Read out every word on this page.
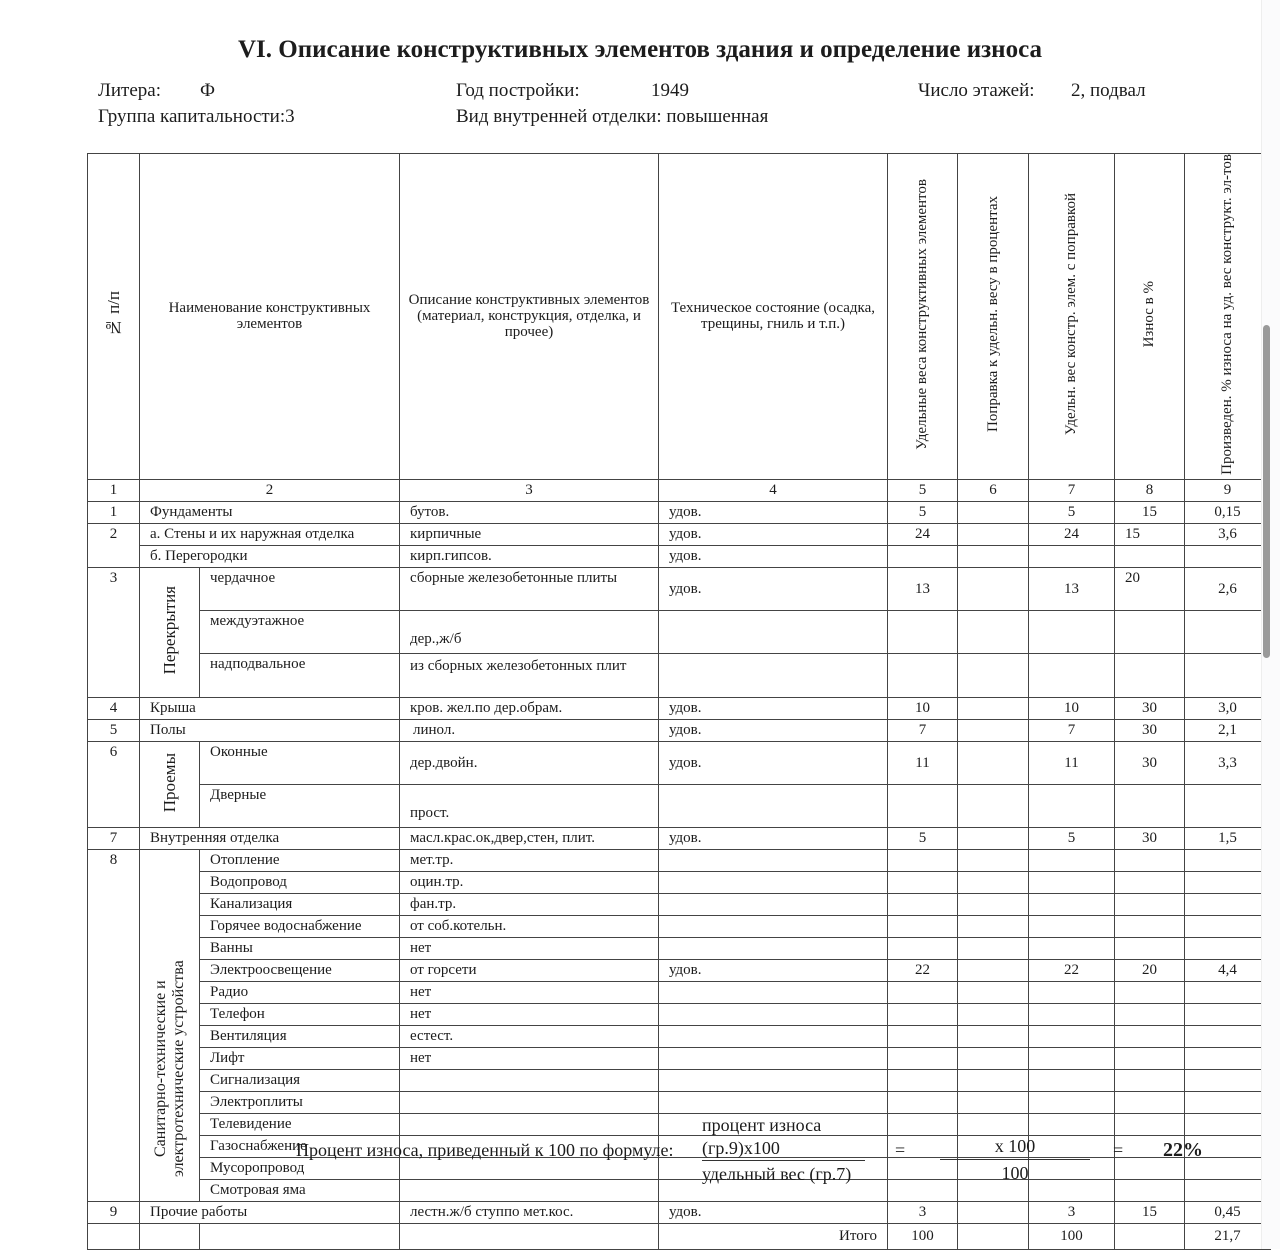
VI. Описание конструктивных элементов здания и определение износа
Литера: Ф	Год постройки:	1949	Число этажей: 2, подвал
Группа капитальности:3	Вид внутренней отделки: повышенная
№ п/п	Наименование конструктивных элементов		Описание конструктивных элементов (материал, конструкция, отделка, и прочее)	Техническое состояние (осадка, трещины, гниль и т.п.)	Удельные веса конструктивных элементов	Поправка к удельн. весу в процентах	Удельн. вес констр. элем. с поправкой	Износ в %	Произведен. % износа на уд. вес конструкт. эл-тов
1	2		3	4	5	6	7	8	9
1	Фундаменты		бутов.	удов.	5		5	15	0,15
2	а. Стены и их наружная отделка		кирпичные	удов.	24		24	15	3,6
	б. Перегородки		кирп.гипсов.	удов.					
3	Перекрытия	чердачное	сборные железобетонные плиты	удов.	13		13	20	2,6
		междуэтажное	дер.,ж/б						
		надподвальное	из сборных железобетонных плит						
4	Крыша		кров. жел.по дер.обрам.	удов.	10		10	30	3,0
5	Полы		линол.	удов.	7		7	30	2,1
6	Проемы	Оконные	дер.двойн.	удов.	11		11	30	3,3
		Дверные	прост.						
7	Внутренняя отделка		масл.крас.ок,двер,стен, плит.	удов.	5		5	30	1,5
8	Санитарно-технические и электротехнические устройства	Отопление	мет.тр.						
		Водопровод	оцин.тр.						
		Канализация	фан.тр.						
		Горячее водоснабжение	от соб.котельн.						
		Ванны	нет						
		Электроосвещение	от горсети	удов.	22		22	20	4,4
		Радио	нет						
		Телефон	нет						
		Вентиляция	естест.						
		Лифт	нет						
		Сигнализация							
		Электроплиты							
		Телевидение							
		Газоснабжение							
		Мусоропровод							
		Смотровая яма							
9	Прочие работы		лестн.ж/б ступпо мет.кос.	удов.	3		3	15	0,45
				Итого	100		100		21,7
Процент износа, приведенный к 100 по формуле:
процент износа
(гр.9)х100
удельный вес (гр.7)
=	х 100
100
= 22%
